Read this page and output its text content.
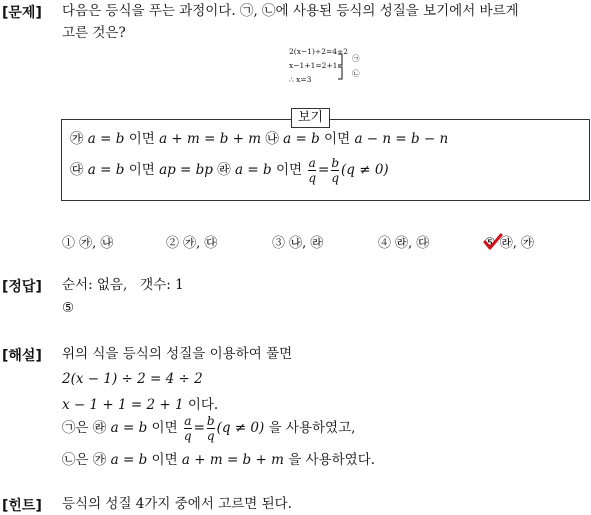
[문제] 다음은 등식을 푸는 과정이다. ㉠, ㉡에 사용된 등식의 성질을 보기에서 바르게
고른 것은?
2(x−1)÷2=4÷2
x−1+1=2+1
∴ x=3
㉠
㉡
보기
㉮ a = b 이면 a + m = b + m ㉯ a = b 이면 a − n = b − n
㉰ a = b 이면 ap = bp ㉱ a = b 이면 $\frac{a}{q} = \frac{b}{q} (q \ne 0)$
① ㉮, ㉯	② ㉮, ㉰	③ ㉯, ㉱	④ ㉱, ㉰	⑤ ㉱, ㉮
[정답] 순서: 없음,   갯수: 1
⑤
[해설] 위의 식을 등식의 성질을 이용하여 풀면
2(x − 1) ÷ 2 = 4 ÷ 2
x − 1 + 1 = 2 + 1 이다.
㉠은 ㉱ a = b 이면 $\frac{a}{q} = \frac{b}{q} (q \ne 0)$ 을 사용하였고,
㉡은 ㉮ a = b 이면 a + m = b + m 을 사용하였다.
[힌트] 등식의 성질 4가지 중에서 고르면 된다.
